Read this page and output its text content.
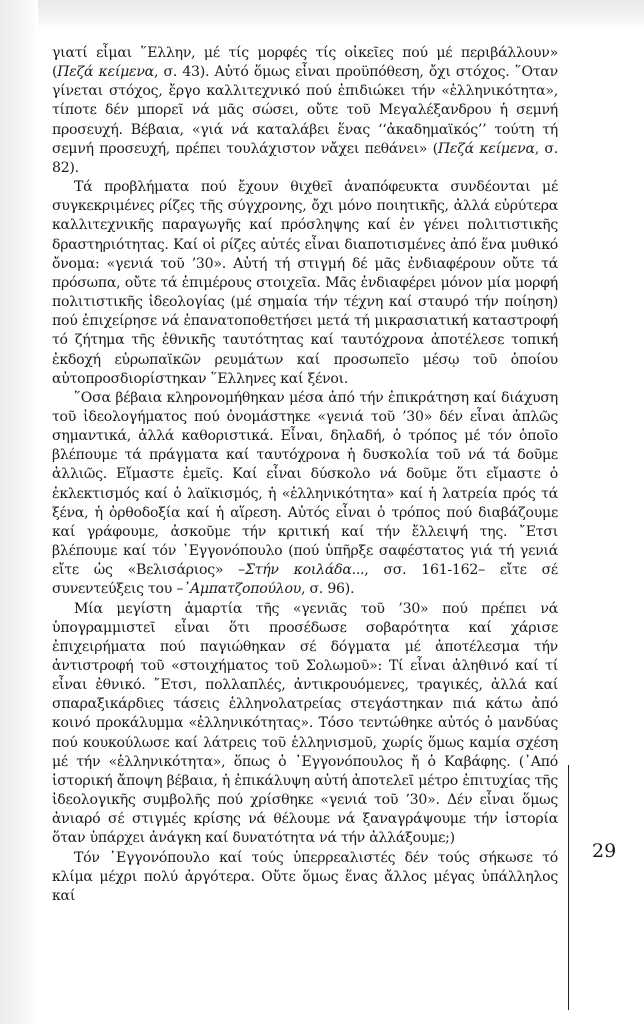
γιατί εἶμαι ῞Ελλην, μέ τίς μορφές τίς οἰκεῖες πού μέ περιβάλλουν» (Πεζά κείμενα, σ. 43). Αὐτό ὅμως εἶναι προϋπόθεση, ὄχι στόχος. ῞Οταν γίνεται στόχος, ἔργο καλλιτεχνικό πού ἐπιδιώκει τήν «ἑλληνικότητα», τίποτε δέν μπορεῖ νά μᾶς σώσει, οὔτε τοῦ Μεγαλέξανδρου ἡ σεμνή προσευχή. Βέβαια, «γιά νά καταλάβει ἕνας ‘‘ἀκαδημαϊκός’’ τούτη τή σεμνή προσευχή, πρέπει τουλάχιστον νἄχει πεθάνει» (Πεζά κείμενα, σ. 82).

Τά προβλήματα πού ἔχουν θιχθεῖ ἀναπόφευκτα συνδέονται μέ συγκεκριμένες ρίζες τῆς σύγχρονης, ὄχι μόνο ποιητικῆς, ἀλλά εὐρύτερα καλλιτεχνικῆς παραγωγῆς καί πρόσληψης καί ἐν γένει πολιτιστικῆς δραστηριότητας. Καί οἱ ρίζες αὐτές εἶναι διαποτισμένες ἀπό ἕνα μυθικό ὄνομα: «γενιά τοῦ ’30». Αὐτή τή στιγμή δέ μᾶς ἐνδιαφέρουν οὔτε τά πρόσωπα, οὔτε τά ἐπιμέρους στοιχεῖα. Μᾶς ἐνδιαφέρει μόνον μία μορφή πολιτιστικῆς ἰδεολογίας (μέ σημαία τήν τέχνη καί σταυρό τήν ποίηση) πού ἐπιχείρησε νά ἐπανατοποθετήσει μετά τή μικρασιατική καταστροφή τό ζήτημα τῆς ἐθνικῆς ταυτότητας καί ταυτόχρονα ἀποτέλεσε τοπική ἐκδοχή εὐρωπαϊκῶν ρευμάτων καί προσωπεῖο μέσῳ τοῦ ὁποίου αὐτοπροσδιορίστηκαν ῞Ελληνες καί ξένοι.

῞Οσα βέβαια κληρονομήθηκαν μέσα ἀπό τήν ἐπικράτηση καί διάχυση τοῦ ἰδεολογήματος πού ὀνομάστηκε «γενιά τοῦ ’30» δέν εἶναι ἁπλῶς σημαντικά, ἀλλά καθοριστικά. Εἶναι, δηλαδή, ὁ τρόπος μέ τόν ὁποῖο βλέπουμε τά πράγματα καί ταυτόχρονα ἡ δυσκολία τοῦ νά τά δοῦμε ἀλλιῶς. Εἴμαστε ἐμεῖς. Καί εἶναι δύσκολο νά δοῦμε ὅτι εἴμαστε ὁ ἐκλεκτισμός καί ὁ λαϊκισμός, ἡ «ἑλληνικότητα» καί ἡ λατρεία πρός τά ξένα, ἡ ὀρθοδοξία καί ἡ αἵρεση. Αὐτός εἶναι ὁ τρόπος πού διαβάζουμε καί γράφουμε, ἀσκοῦμε τήν κριτική καί τήν ἔλλειψή της. ῎Ετσι βλέπουμε καί τόν ᾽Εγγονόπουλο (πού ὑπῆρξε σαφέστατος γιά τή γενιά εἴτε ὡς «Βελισάριος» –Στήν κοιλάδα..., σσ. 161-162– εἴτε σέ συνεντεύξεις του –᾽Αμπατζοπούλου, σ. 96).

Μία μεγίστη ἁμαρτία τῆς «γενιᾶς τοῦ ’30» πού πρέπει νά ὑπογραμμιστεῖ εἶναι ὅτι προσέδωσε σοβαρότητα καί χάρισε ἐπιχειρήματα πού παγιώθηκαν σέ δόγματα μέ ἀποτέλεσμα τήν ἀντιστροφή τοῦ «στοιχήματος τοῦ Σολωμοῦ»: Τί εἶναι ἀληθινό καί τί εἶναι ἐθνικό. ῎Ετσι, πολλαπλές, ἀντικρουόμενες, τραγικές, ἀλλά καί σπαραξικάρδιες τάσεις ἑλληνολατρείας στεγάστηκαν πιά κάτω ἀπό κοινό προκάλυμμα «ἑλληνικότητας». Τόσο τεντώθηκε αὐτός ὁ μανδύας πού κουκούλωσε καί λάτρεις τοῦ ἑλληνισμοῦ, χωρίς ὅμως καμία σχέση μέ τήν «ἑλληνικότητα», ὅπως ὁ ᾽Εγγονόπουλος ἤ ὁ Καβάφης. (᾽Από ἱστορική ἄποψη βέβαια, ἡ ἐπικάλυψη αὐτή ἀποτελεῖ μέτρο ἐπιτυχίας τῆς ἰδεολογικῆς συμβολῆς πού χρίσθηκε «γενιά τοῦ ’30». Δέν εἶναι ὅμως ἀνιαρό σέ στιγμές κρίσης νά θέλουμε νά ξαναγράψουμε τήν ἱστορία ὅταν ὑπάρχει ἀνάγκη καί δυνατότητα νά τήν ἀλλάξουμε;)

Τόν ᾽Εγγονόπουλο καί τούς ὑπερρεαλιστές δέν τούς σήκωσε τό κλίμα μέχρι πολύ ἀργότερα. Οὔτε ὅμως ἕνας ἄλλος μέγας ὑπάλληλος καί

29
